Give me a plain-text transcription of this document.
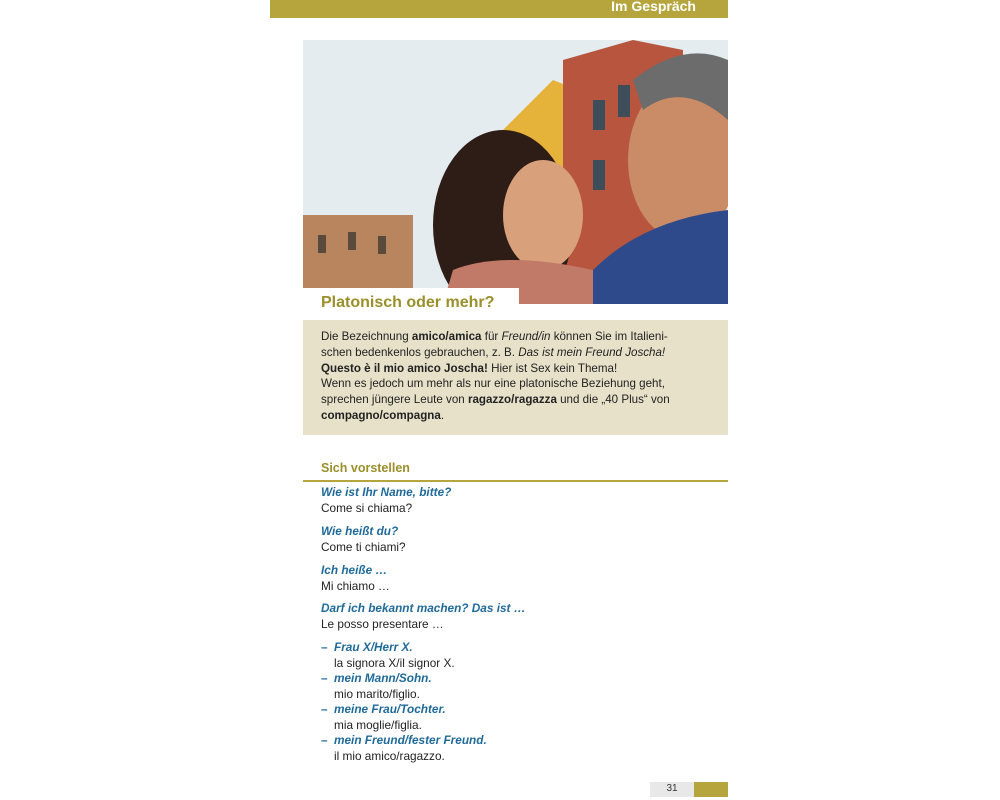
Im Gespräch
Platonisch oder mehr?
Die Bezeichnung amico/amica für Freund/in können Sie im Italieni-
schen bedenkenlos gebrauchen, z. B. Das ist mein Freund Joscha!
Questo è il mio amico Joscha! Hier ist Sex kein Thema!
Wenn es jedoch um mehr als nur eine platonische Beziehung geht,
sprechen jüngere Leute von ragazzo/ragazza und die „40 Plus“ von
compagno/compagna.
Sich vorstellen
Wie ist Ihr Name, bitte?
Come si chiama?
Wie heißt du?
Come ti chiami?
Ich heiße …
Mi chiamo …
Darf ich bekannt machen? Das ist …
Le posso presentare …
– Frau X/Herr X.
la signora X/il signor X.
– mein Mann/Sohn.
mio marito/figlio.
– meine Frau/Tochter.
mia moglie/figlia.
– mein Freund/fester Freund.
il mio amico/ragazzo.
31
